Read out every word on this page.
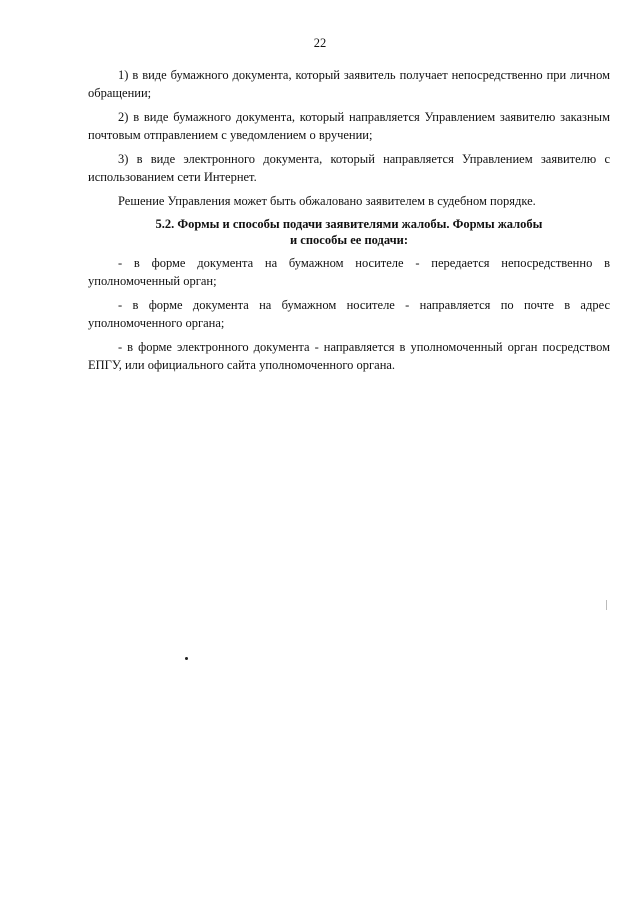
22

1) в виде бумажного документа, который заявитель получает непосредственно при личном обращении;

2) в виде бумажного документа, который направляется Управлением заявителю заказным почтовым отправлением с уведомлением о вручении;

3) в виде электронного документа, который направляется Управлением заявителю с использованием сети Интернет.

Решение Управления может быть обжаловано заявителем в судебном порядке.

5.2. Формы и способы подачи заявителями жалобы. Формы жалобы
и способы ее подачи:

- в форме документа на бумажном носителе - передается непосредственно в уполномоченный орган;

- в форме документа на бумажном носителе - направляется по почте в адрес уполномоченного органа;

- в форме электронного документа - направляется в уполномоченный орган посредством ЕПГУ, или официального сайта уполномоченного органа.
